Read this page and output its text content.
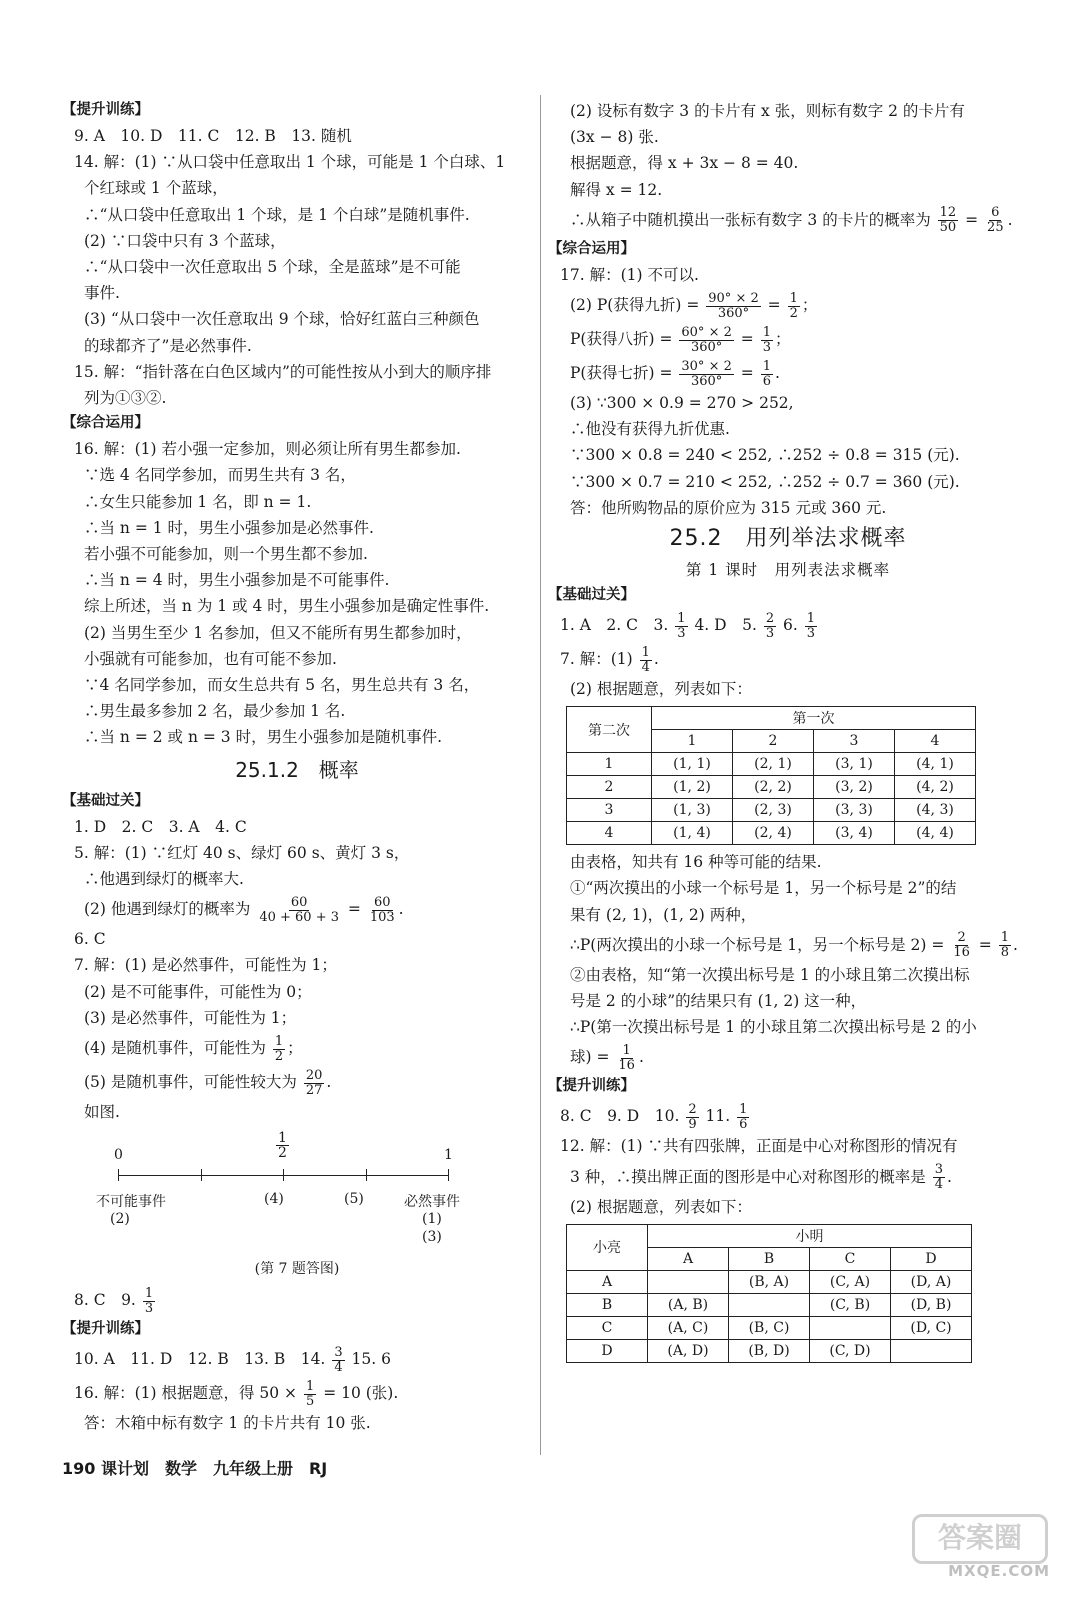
【提升训练】
9. A　10. D　11. C　12. B　13. 随机
14. 解：(1) ∵从口袋中任意取出 1 个球，可能是 1 个白球、1
个红球或 1 个蓝球，
∴“从口袋中任意取出 1 个球，是 1 个白球”是随机事件.
(2) ∵口袋中只有 3 个蓝球，
∴“从口袋中一次任意取出 5 个球，全是蓝球”是不可能
事件.
(3) “从口袋中一次任意取出 9 个球，恰好红蓝白三种颜色
的球都齐了”是必然事件.
15. 解：“指针落在白色区域内”的可能性按从小到大的顺序排
列为①③②.
【综合运用】
16. 解：(1) 若小强一定参加，则必须让所有男生都参加.
∵选 4 名同学参加，而男生共有 3 名，
∴女生只能参加 1 名，即 n = 1.
∴当 n = 1 时，男生小强参加是必然事件.
若小强不可能参加，则一个男生都不参加.
∴当 n = 4 时，男生小强参加是不可能事件.
综上所述，当 n 为 1 或 4 时，男生小强参加是确定性事件.
(2) 当男生至少 1 名参加，但又不能所有男生都参加时，
小强就有可能参加，也有可能不参加.
∵4 名同学参加，而女生总共有 5 名，男生总共有 3 名，
∴男生最多参加 2 名，最少参加 1 名.
∴当 n = 2 或 n = 3 时，男生小强参加是随机事件.
25.1.2　概率
【基础过关】
1. D　2. C　3. A　4. C
5. 解：(1) ∵红灯 40 s、绿灯 60 s、黄灯 3 s，
∴他遇到绿灯的概率大.
(2) 他遇到绿灯的概率为 $\frac{60}{40 + 60 + 3} = \frac{60}{103}$ .
6. C
7. 解：(1) 是必然事件，可能性为 1；
(2) 是不可能事件，可能性为 0；
(3) 是必然事件，可能性为 1；
(4) 是随机事件，可能性为 $\frac{1}{2}$ ；
(5) 是随机事件，可能性较大为 $\frac{20}{27}$ .
如图.
0	$\frac{1}{2}$	1
不可能事件
(2)
(4)	(5)	必然事件
(1)
(3)
(第 7 题答图)
8. C　9. $\frac{1}{3}$
【提升训练】
10. A　11. D　12. B　13. B　14. $\frac{3}{4} 15$. 6
16. 解：(1) 根据题意，得 $50 \times \frac{1}{5} = 10$ (张).
答：木箱中标有数字 1 的卡片共有 10 张.
(2) 设标有数字 3 的卡片有 x 张，则标有数字 2 的卡片有
(3x − 8) 张.
根据题意，得 x + 3x − 8 = 40.
解得 x = 12.
∴从箱子中随机摸出一张标有数字 3 的卡片的概率为 $\frac{12}{50} = \frac{6}{25}$ .
【综合运用】
17. 解：(1) 不可以.
(2) P(获得九折) = $\frac{90^\circ \times 2}{360^\circ} = \frac{1}{2}$ ；
P(获得八折) = $\frac{60^\circ \times 2}{360^\circ} = \frac{1}{3}$ ；
P(获得七折) = $\frac{30^\circ \times 2}{360^\circ} = \frac{1}{6}$ .
(3) ∵300 × 0.9 = 270 > 252,
∴他没有获得九折优惠.
∵300 × 0.8 = 240 < 252, ∴252 ÷ 0.8 = 315 (元).
∵300 × 0.7 = 210 < 252, ∴252 ÷ 0.7 = 360 (元).
答：他所购物品的原价应为 315 元或 360 元.
25.2　用列举法求概率
第 1 课时　用列表法求概率
【基础过关】
1. A　2. C　3. $\frac{1}{3} 4$. D　5. $\frac{2}{3} 6$. $\frac{1}{3}$
7. 解：$(1) \frac{1}{4}$ .
(2) 根据题意，列表如下：
第二次	第一次			
	1	2	3	4
1	(1, 1)	(2, 1)	(3, 1)	(4, 1)
2	(1, 2)	(2, 2)	(3, 2)	(4, 2)
3	(1, 3)	(2, 3)	(3, 3)	(4, 3)
4	(1, 4)	(2, 4)	(3, 4)	(4, 4)
由表格，知共有 16 种等可能的结果.
①“两次摸出的小球一个标号是 1，另一个标号是 2”的结
果有 (2, 1)，(1, 2) 两种，
∴P(两次摸出的小球一个标号是 1，另一个标号是 $2) = \frac{2}{16} = \frac{1}{8}$ .
②由表格，知“第一次摸出标号是 1 的小球且第二次摸出标
号是 2 的小球”的结果只有 (1, 2) 这一种，
∴P(第一次摸出标号是 1 的小球且第二次摸出标号是 2 的小
球) = $\frac{1}{16}$ .
【提升训练】
8. C　9. D　10. $\frac{2}{9} 11$. $\frac{1}{6}$
12. 解：(1) ∵共有四张牌，正面是中心对称图形的情况有
3 种，∴摸出牌正面的图形是中心对称图形的概率是 $\frac{3}{4}$ .
(2) 根据题意，列表如下：
小亮	小明			
	A	B	C	D
A		(B, A)	(C, A)	(D, A)
B	(A, B)		(C, B)	(D, B)
C	(A, C)	(B, C)		(D, C)
D	(A, D)	(B, D)	(C, D)	
190 课计划　数学　九年级上册　RJ
答案圈
MXQE.COM
